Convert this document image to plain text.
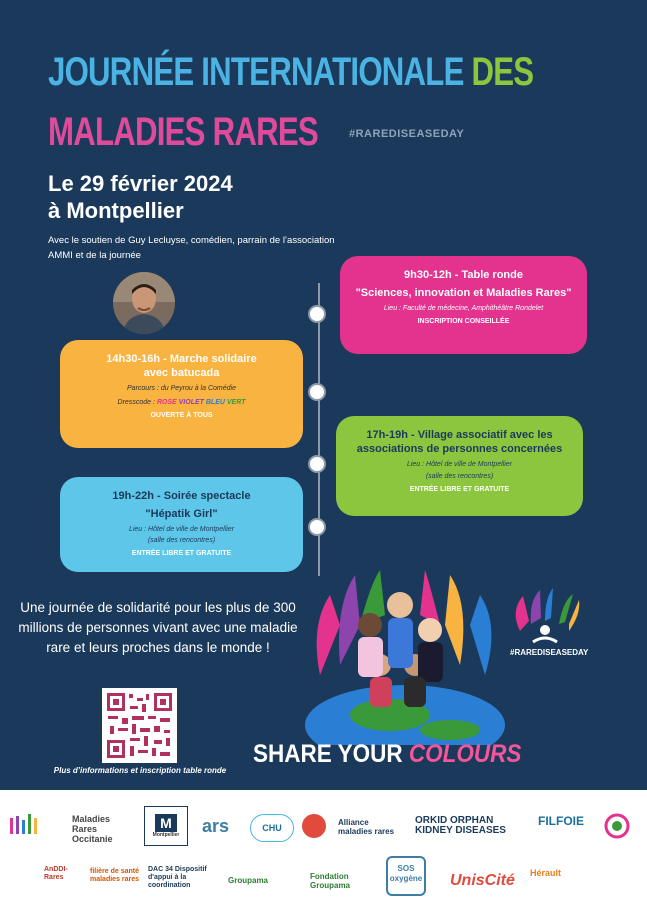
JOURNÉE INTERNATIONALE DES
MALADIES RARES	#RAREDISEASEDAY
Le 29 février 2024
à Montpellier
Avec le soutien de Guy Lecluyse, comédien, parrain de l’association AMMI et de la journée
9h30-12h - Table ronde
"Sciences, innovation et Maladies Rares"
Lieu : Faculté de médecine, Amphithéâtre Rondelet
INSCRIPTION CONSEILLÉE
14h30-16h - Marche solidaire
avec batucada
Parcours : du Peyrou à la Comédie
Dresscode : ROSE VIOLET BLEU VERT
OUVERTE À TOUS
17h-19h - Village associatif avec les
associations de personnes concernées
Lieu : Hôtel de ville de Montpellier
(salle des rencontres)
ENTRÉE LIBRE ET GRATUITE
19h-22h - Soirée spectacle
"Hépatik Girl"
Lieu : Hôtel de ville de Montpellier
(salle des rencontres)
ENTRÉE LIBRE ET GRATUITE
Une journée de solidarité pour les plus de 300 millions de personnes vivant avec une maladie rare et leurs proches dans le monde !
Plus d’informations et inscription table ronde
SHARE YOUR COLOURS
#RAREDISEASEDAY
Maladies Rares Occitanie
M
Montpellier ars	CHU
Alliance maladies rares
ORKID ORPHAN KIDNEY DISEASES
FILFOIE
AnDDI-Rares
filière de santé maladies rares
DAC 34 Dispositif d'appui à la coordination
Groupama	Fondation Groupama
SOS oxygène UnisCité Hérault
